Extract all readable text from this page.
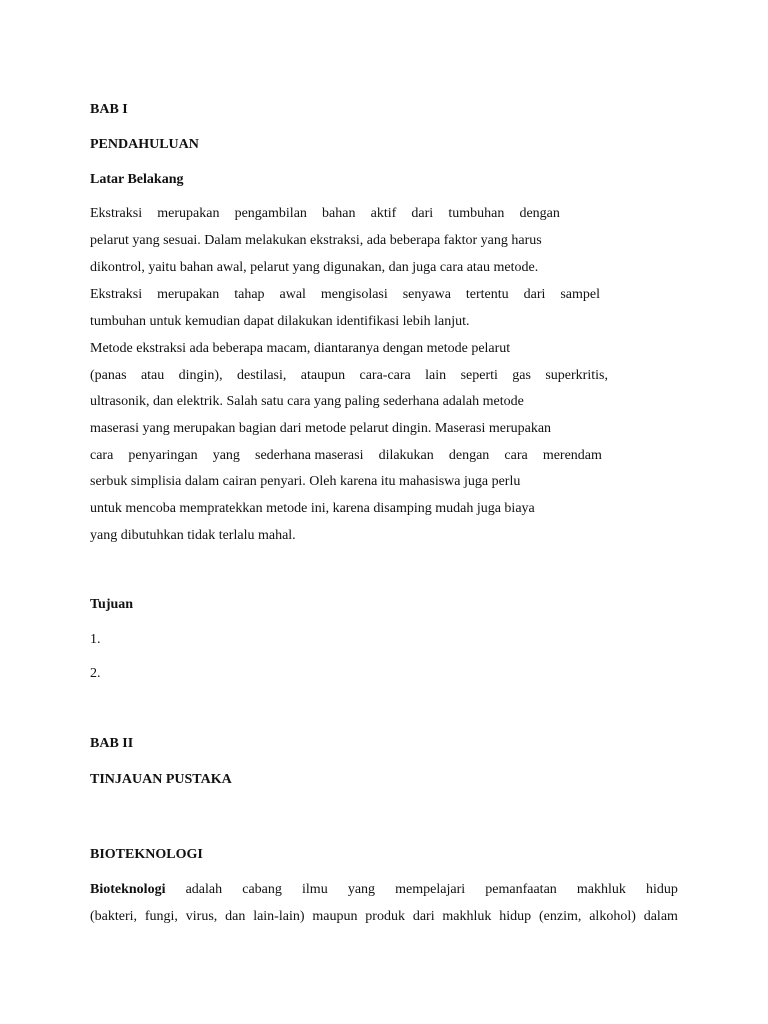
BAB I
PENDAHULUAN
Latar Belakang
Ekstraksi merupakan pengambilan bahan aktif dari tumbuhan dengan
pelarut yang sesuai. Dalam melakukan ekstraksi, ada beberapa faktor yang harus
dikontrol, yaitu bahan awal, pelarut yang digunakan, dan juga cara atau metode.
Ekstraksi merupakan tahap awal mengisolasi senyawa tertentu dari sampel
tumbuhan untuk kemudian dapat dilakukan identifikasi lebih lanjut.
Metode ekstraksi ada beberapa macam, diantaranya dengan metode pelarut
(panas atau dingin), destilasi, ataupun cara-cara lain seperti gas superkritis,
ultrasonik, dan elektrik. Salah satu cara yang paling sederhana adalah metode
maserasi yang merupakan bagian dari metode pelarut dingin. Maserasi merupakan
cara penyaringan yang sederhana maserasi dilakukan dengan cara merendam
serbuk simplisia dalam cairan penyari. Oleh karena itu mahasiswa juga perlu
untuk mencoba mempratekkan metode ini, karena disamping mudah juga biaya
yang dibutuhkan tidak terlalu mahal.
Tujuan
1.
2.
BAB II
TINJAUAN PUSTAKA
BIOTEKNOLOGI
Bioteknologi adalah cabang ilmu yang mempelajari pemanfaatan makhluk hidup
(bakteri, fungi, virus, dan lain-lain) maupun produk dari makhluk hidup (enzim, alkohol) dalam
